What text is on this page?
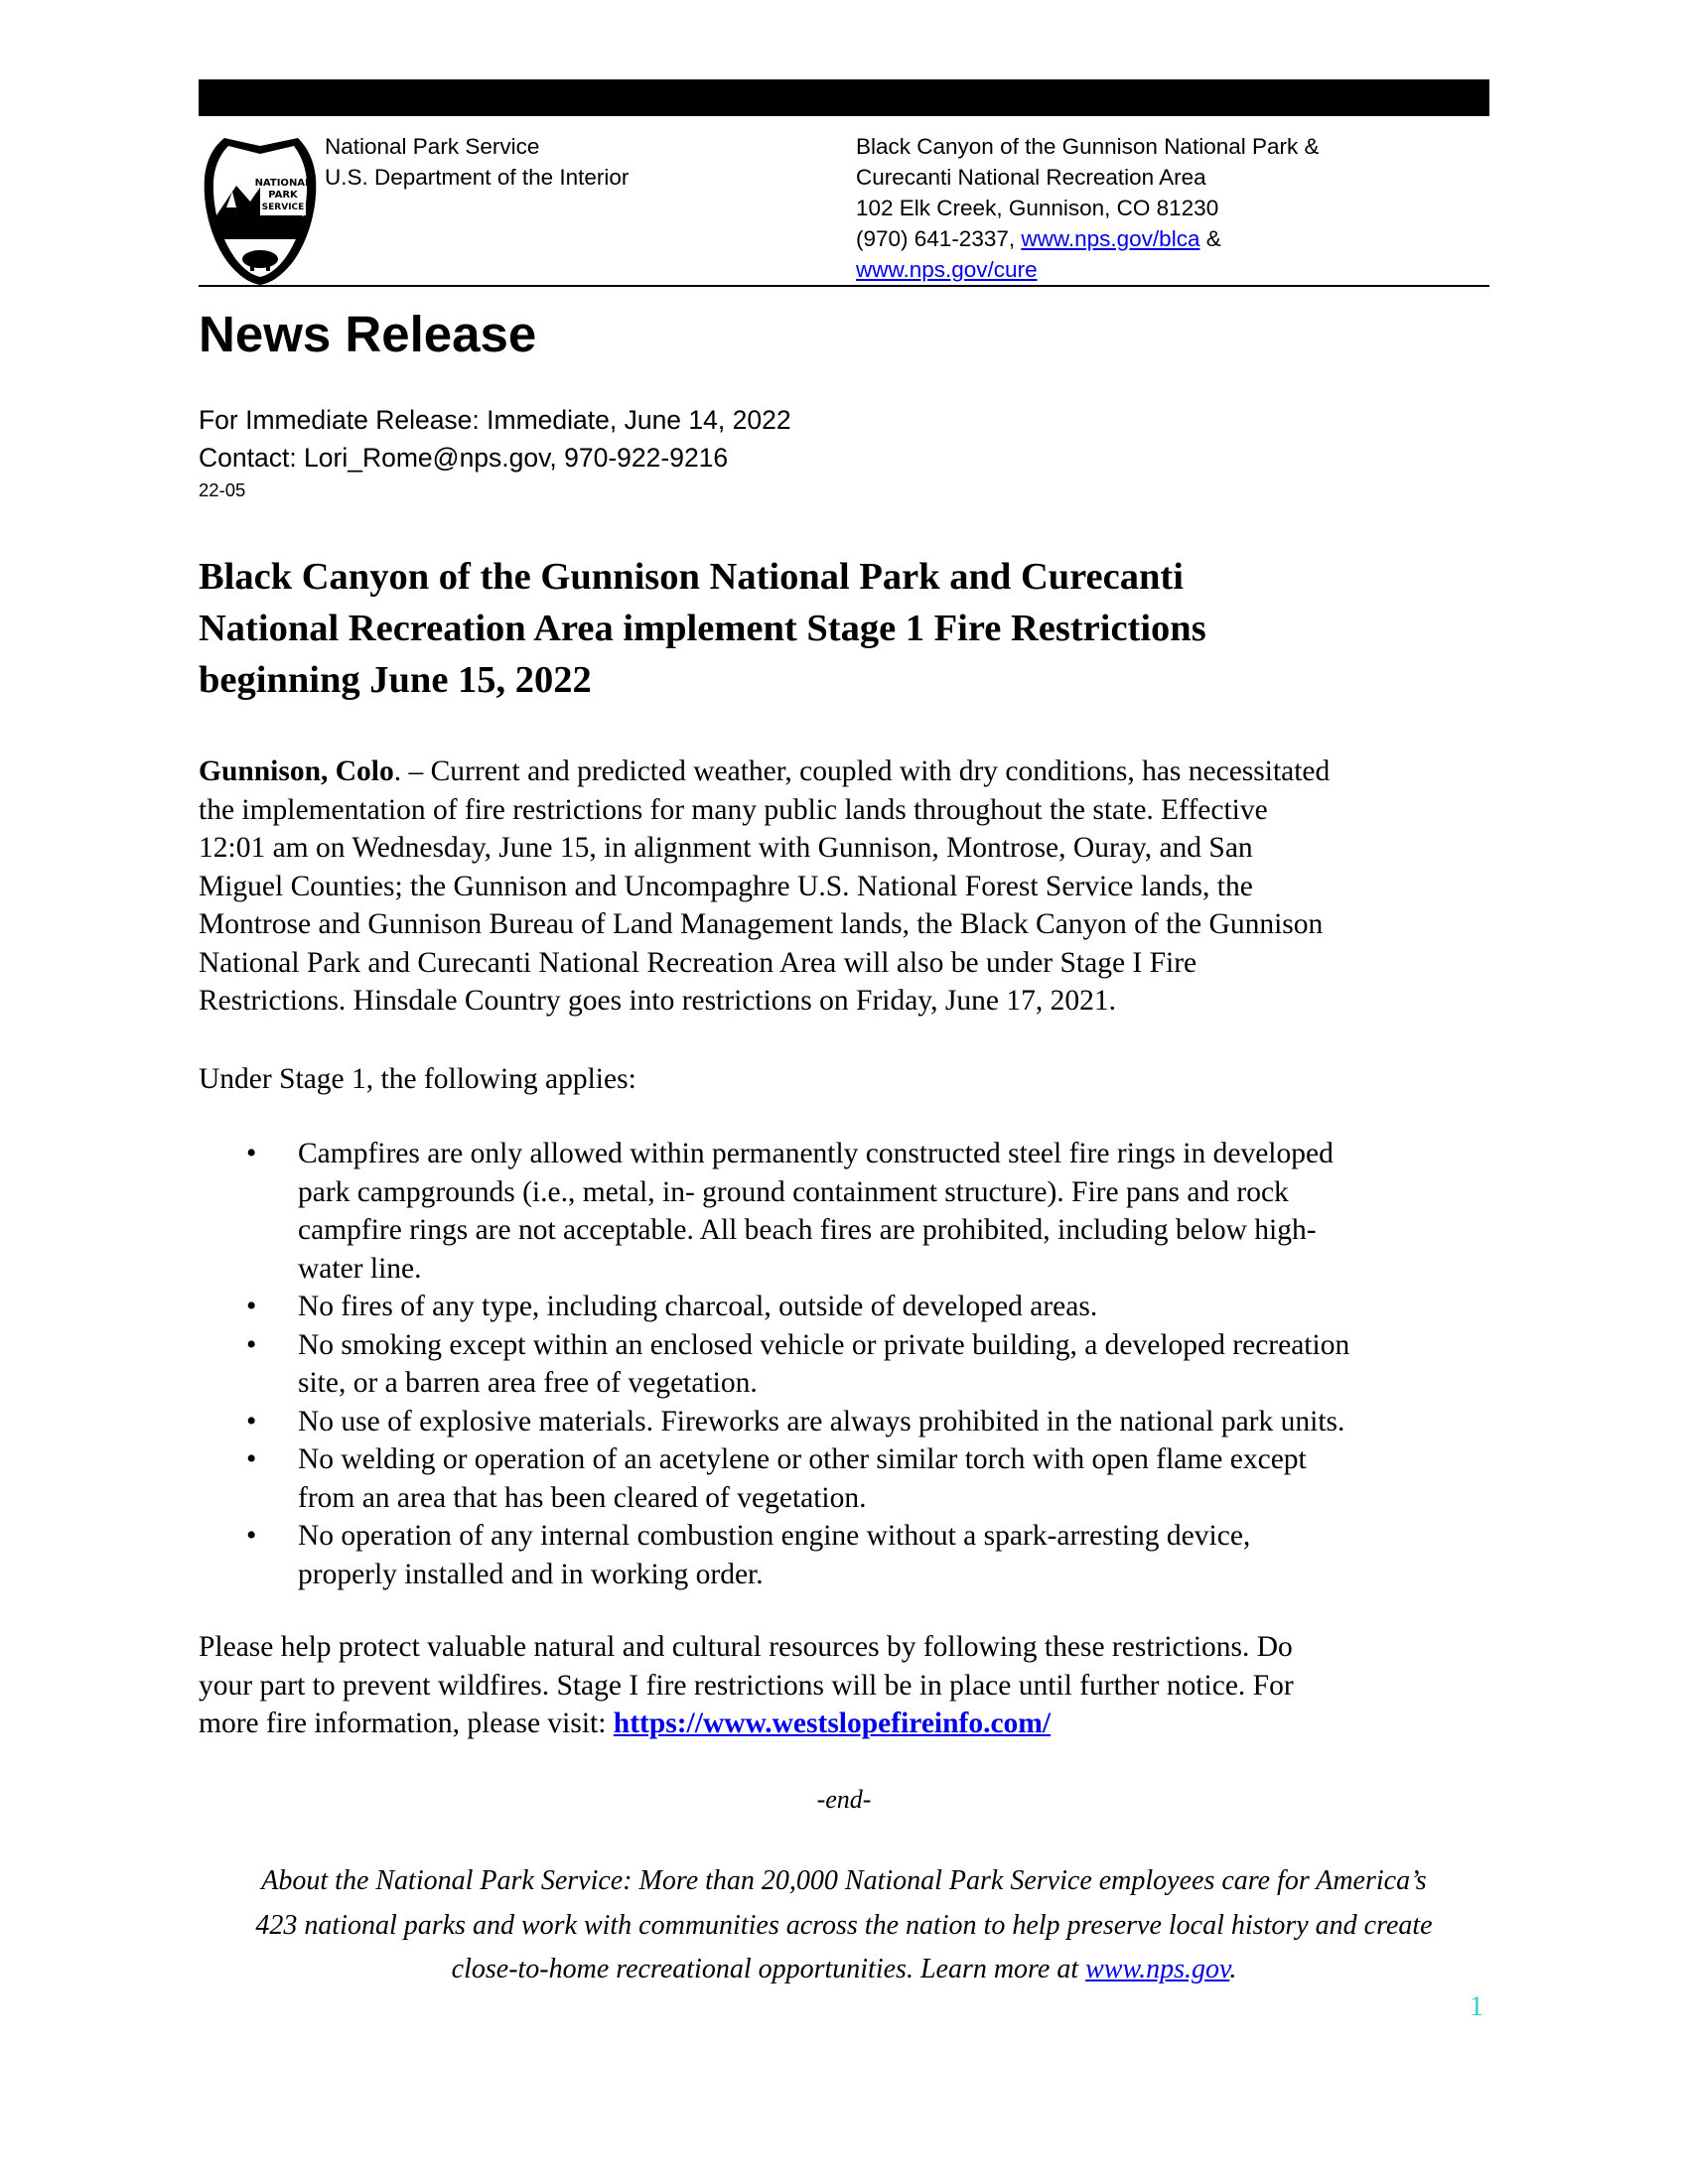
NATIONAL
PARK
SERVICE
National Park Service
U.S. Department of the Interior
Black Canyon of the Gunnison National Park &
Curecanti National Recreation Area
102 Elk Creek, Gunnison, CO 81230
(970) 641-2337, www.nps.gov/blca &
www.nps.gov/cure
News Release
For Immediate Release: Immediate, June 14, 2022
Contact: Lori_Rome@nps.gov, 970-922-9216
22-05
Black Canyon of the Gunnison National Park and Curecanti
National Recreation Area implement Stage 1 Fire Restrictions
beginning June 15, 2022
Gunnison, Colo. – Current and predicted weather, coupled with dry conditions, has necessitated
the implementation of fire restrictions for many public lands throughout the state. Effective
12:01 am on Wednesday, June 15, in alignment with Gunnison, Montrose, Ouray, and San
Miguel Counties; the Gunnison and Uncompaghre U.S. National Forest Service lands, the
Montrose and Gunnison Bureau of Land Management lands, the Black Canyon of the Gunnison
National Park and Curecanti National Recreation Area will also be under Stage I Fire
Restrictions. Hinsdale Country goes into restrictions on Friday, June 17, 2021.
Under Stage 1, the following applies:
• Campfires are only allowed within permanently constructed steel fire rings in developed
park campgrounds (i.e., metal, in- ground containment structure). Fire pans and rock
campfire rings are not acceptable. All beach fires are prohibited, including below high-
water line.
• No fires of any type, including charcoal, outside of developed areas.
• No smoking except within an enclosed vehicle or private building, a developed recreation
site, or a barren area free of vegetation.
• No use of explosive materials. Fireworks are always prohibited in the national park units.
• No welding or operation of an acetylene or other similar torch with open flame except
from an area that has been cleared of vegetation.
• No operation of any internal combustion engine without a spark-arresting device,
properly installed and in working order.
Please help protect valuable natural and cultural resources by following these restrictions. Do
your part to prevent wildfires. Stage I fire restrictions will be in place until further notice. For
more fire information, please visit: https://www.westslopefireinfo.com/
-end-
About the National Park Service: More than 20,000 National Park Service employees care for America’s
423 national parks and work with communities across the nation to help preserve local history and create
close-to-home recreational opportunities. Learn more at www.nps.gov.
1
